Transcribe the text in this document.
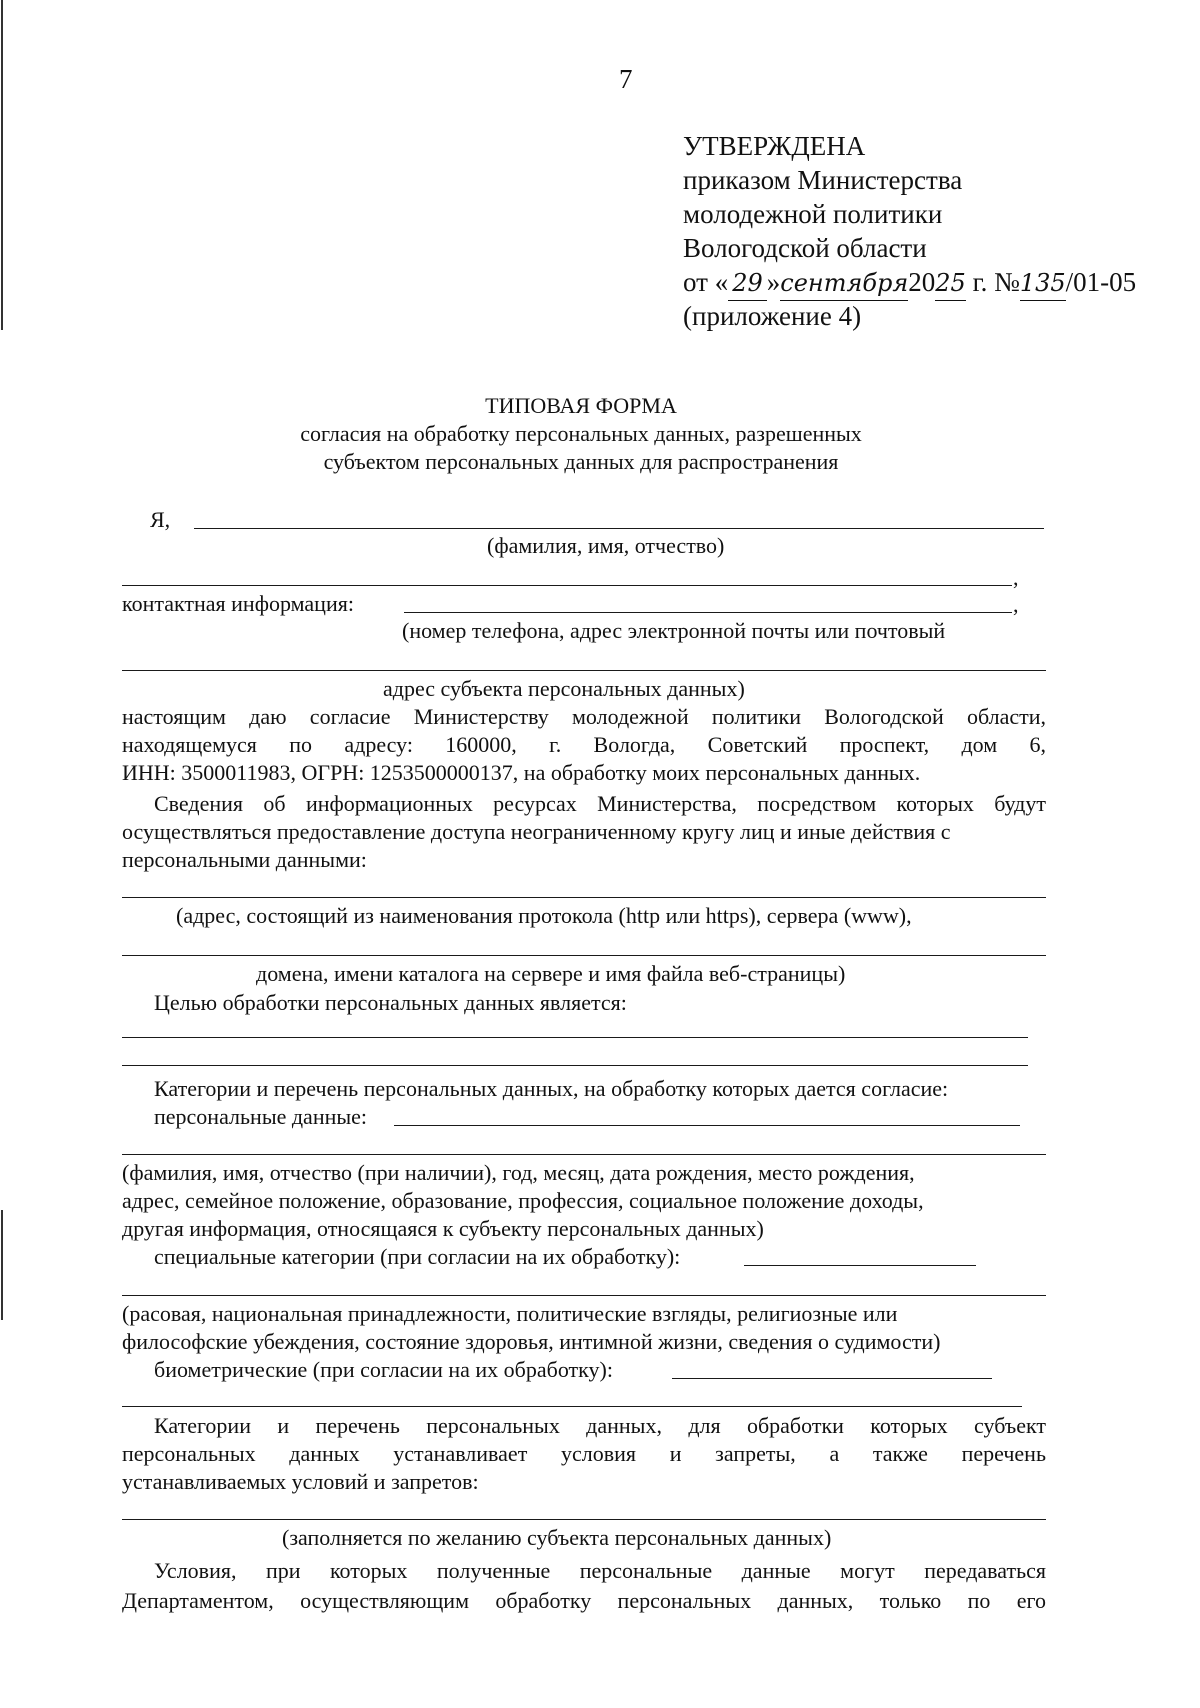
7
УТВЕРЖДЕНА
приказом Министерства
молодежной политики
Вологодской области
от « 29 »сентября2025 г. №135/01-05
(приложение 4)
ТИПОВАЯ ФОРМА
согласия на обработку персональных данных, разрешенных
субъектом персональных данных для распространения
Я,
(фамилия, имя, отчество)
,
контактная информация:	,
(номер телефона, адрес электронной почты или почтовый
адрес субъекта персональных данных)
настоящим даю согласие Министерству молодежной политики Вологодской области,
находящемуся по адресу: 160000, г. Вологда, Советский проспект, дом 6,
ИНН: 3500011983, ОГРН: 1253500000137, на обработку моих персональных данных.
Сведения об информационных ресурсах Министерства, посредством которых будут
осуществляться предоставление доступа неограниченному кругу лиц и иные действия с
персональными данными:
(адрес, состоящий из наименования протокола (http или https), сервера (www),
домена, имени каталога на сервере и имя файла веб-страницы)
Целью обработки персональных данных является:
Категории и перечень персональных данных, на обработку которых дается согласие:
персональные данные:
(фамилия, имя, отчество (при наличии), год, месяц, дата рождения, место рождения,
адрес, семейное положение, образование, профессия, социальное положение доходы,
другая информация, относящаяся к субъекту персональных данных)
специальные категории (при согласии на их обработку):
(расовая, национальная принадлежности, политические взгляды, религиозные или
философские убеждения, состояние здоровья, интимной жизни, сведения о судимости)
биометрические (при согласии на их обработку):
Категории и перечень персональных данных, для обработки которых субъект
персональных данных устанавливает условия и запреты, а также перечень
устанавливаемых условий и запретов:
(заполняется по желанию субъекта персональных данных)
Условия, при которых полученные персональные данные могут передаваться
Департаментом, осуществляющим обработку персональных данных, только по его
